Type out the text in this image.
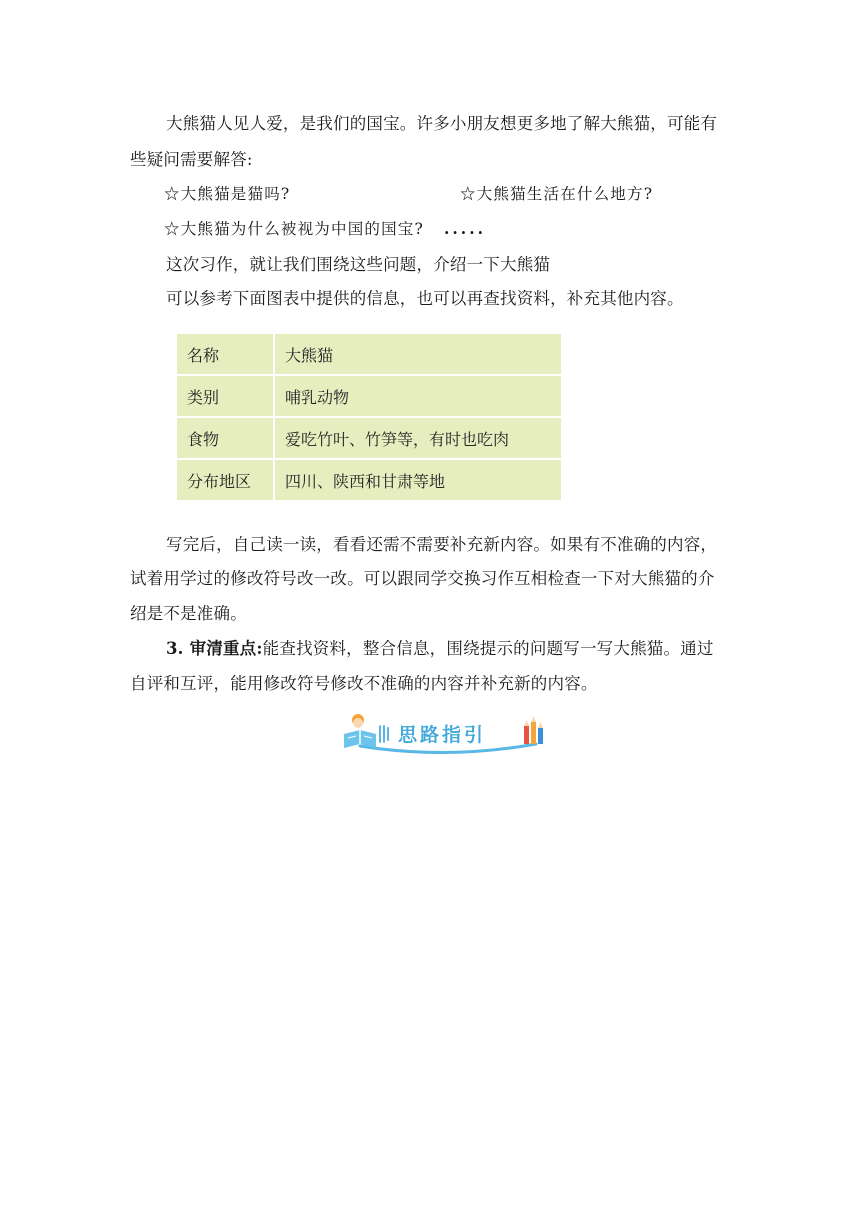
大熊猫人见人爱，是我们的国宝。许多小朋友想更多地了解大熊猫，可能有
些疑问需要解答:
☆大熊猫是猫吗?	☆大熊猫生活在什么地方?
☆大熊猫为什么被视为中国的国宝? .....
这次习作，就让我们围绕这些问题，介绍一下大熊猫
可以参考下面图表中提供的信息，也可以再查找资料，补充其他内容。
名称	大熊猫
类别	哺乳动物
食物	爱吃竹叶、竹笋等，有时也吃肉
分布地区	四川、陕西和甘肃等地
写完后，自己读一读，看看还需不需要补充新内容。如果有不准确的内容，
试着用学过的修改符号改一改。可以跟同学交换习作互相检查一下对大熊猫的介
绍是不是准确。
3. 审清重点:能查找资料，整合信息，围绕提示的问题写一写大熊猫。通过
自评和互评，能用修改符号修改不准确的内容并补充新的内容。
思路指引
